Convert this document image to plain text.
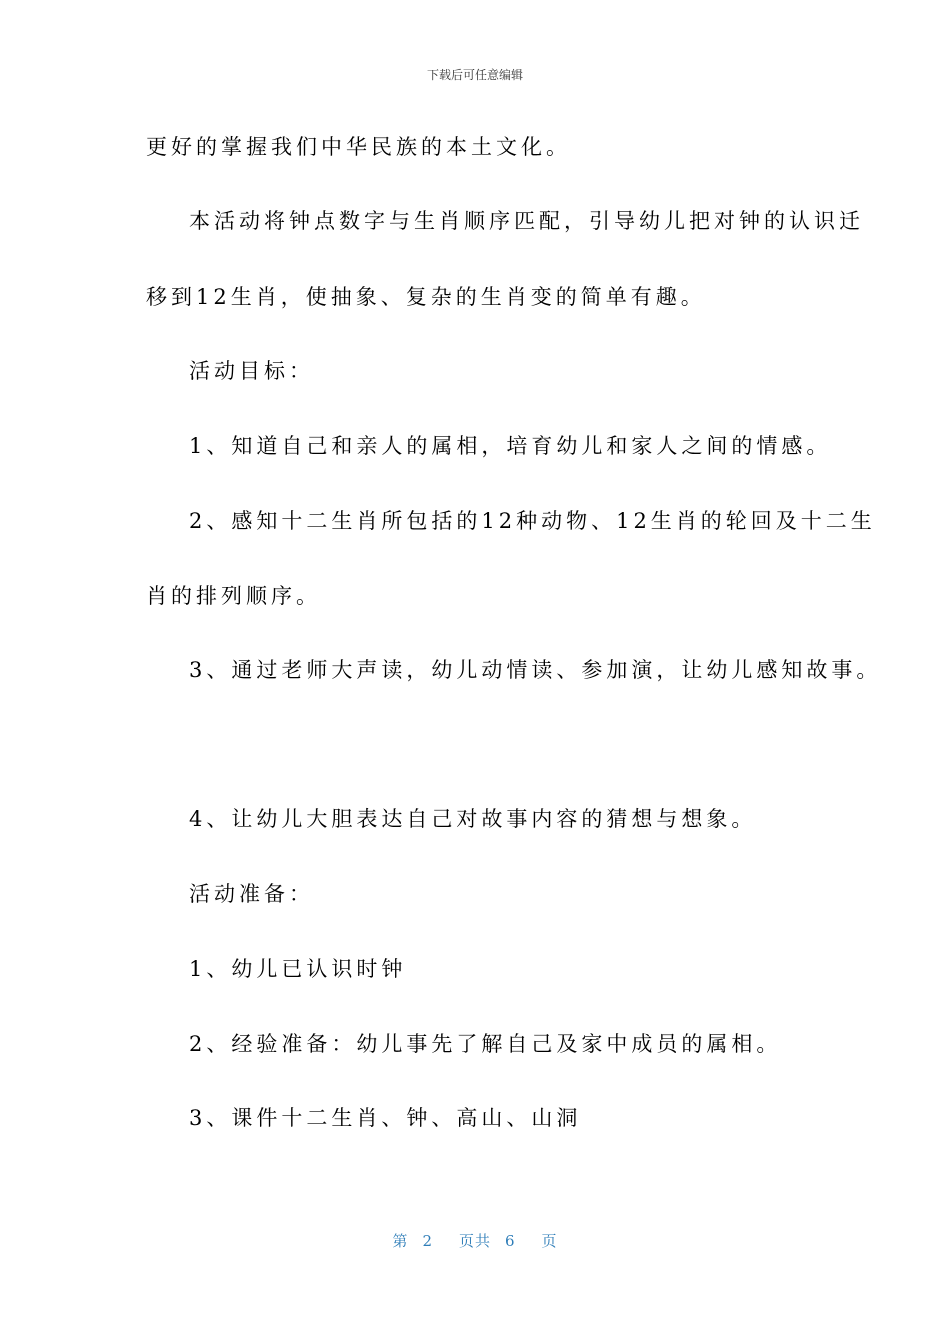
下载后可任意编辑
更好的掌握我们中华民族的本土文化。
本活动将钟点数字与生肖顺序匹配，引导幼儿把对钟的认识迁
移到12生肖，使抽象、复杂的生肖变的简单有趣。
活动目标：
1、知道自己和亲人的属相，培育幼儿和家人之间的情感。
2、感知十二生肖所包括的12种动物、12生肖的轮回及十二生
肖的排列顺序。
3、通过老师大声读，幼儿动情读、参加演，让幼儿感知故事。
4、让幼儿大胆表达自己对故事内容的猜想与想象。
活动准备：
1、幼儿已认识时钟
2、经验准备：幼儿事先了解自己及家中成员的属相。
3、课件十二生肖、钟、高山、山洞
第 2 页共 6 页
